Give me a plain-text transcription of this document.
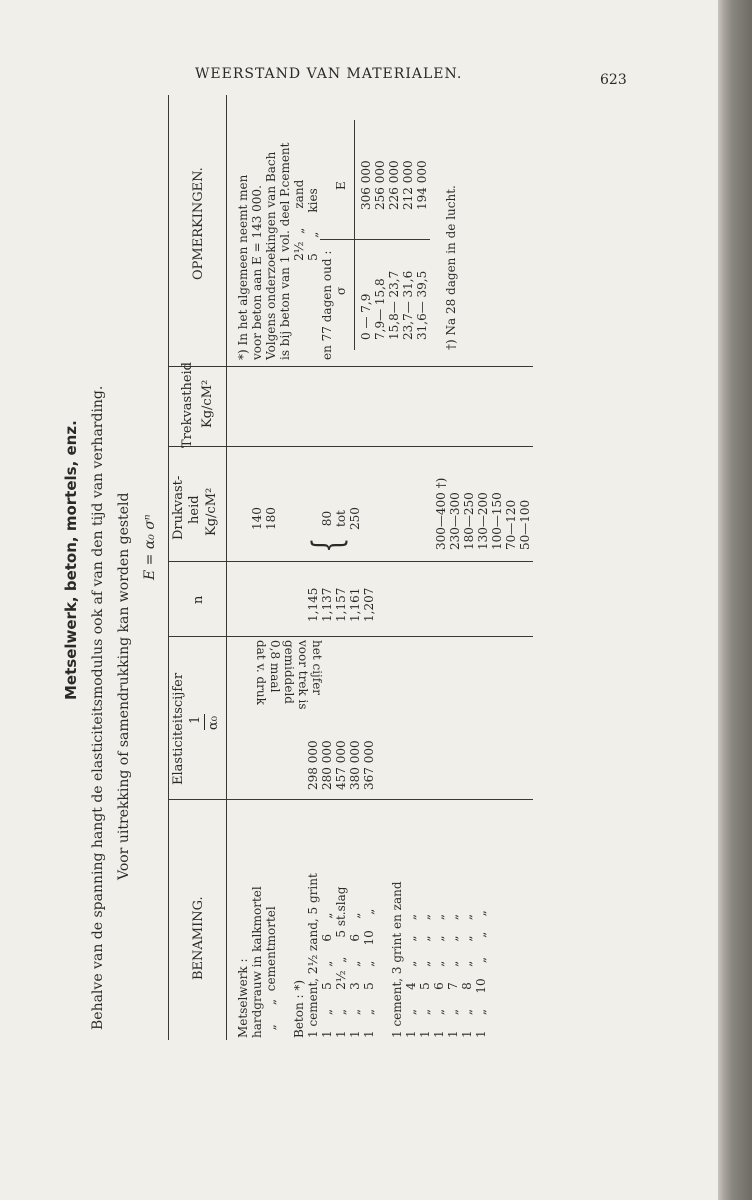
WEERSTAND VAN MATERIALEN.	623
Metselwerk, beton, mortels, enz. Behalve van de spanning hangt de elasticiteitsmodulus ook af van den tijd van verharding. Voor uitrekking of samendrukking kan worden gesteld E = α₀ σⁿ
BENAMING.
Elasticiteitscijfer 1 α₀
n
Drukvast- heid Kg/cM²
Trekvastheid Kg/cM²
OPMERKINGEN.
Metselwerk :
hardgrauw in kalkmortel
„     „  cementmortel

Beton : *)
1 cement, 2½ zand, 5 grint
1    „     5    „     6    „
1    „     2½  „     5 st.slag
1    „     3    „     6    „
1    „     5    „    10    „

1 cement, 3 grint en zand
1    „     4    „     „    „
1    „     5    „     „    „
1    „     6    „     „    „
1    „     7    „     „    „
1    „     8    „     „    „
1    „    10    „     „    „

298 000
280 000
457 000
380 000
367 000
het cijfer
voor trek is
gemiddeld
0,8 maal
dat v. druk

1,145
1,137
1,157
1,161
1,207

140
180

80
tot
250
{	300—400 †)
230—300
180—250
130—200
100—150
70—120
50—100
*) In het algemeen neemt men
voor beton aan E = 143 000.
Volgens onderzoekingen van Bach
is bij beton van 1 vol. deel P.cement
2½  „     zand
5    „     kies
en 77 dagen oud :
σ
E
0 — 7,9
7,9— 15,8
15,8— 23,7
23,7— 31,6
31,6— 39,5
306 000
256 000
226 000
212 000
194 000
†) Na 28 dagen in de lucht.
